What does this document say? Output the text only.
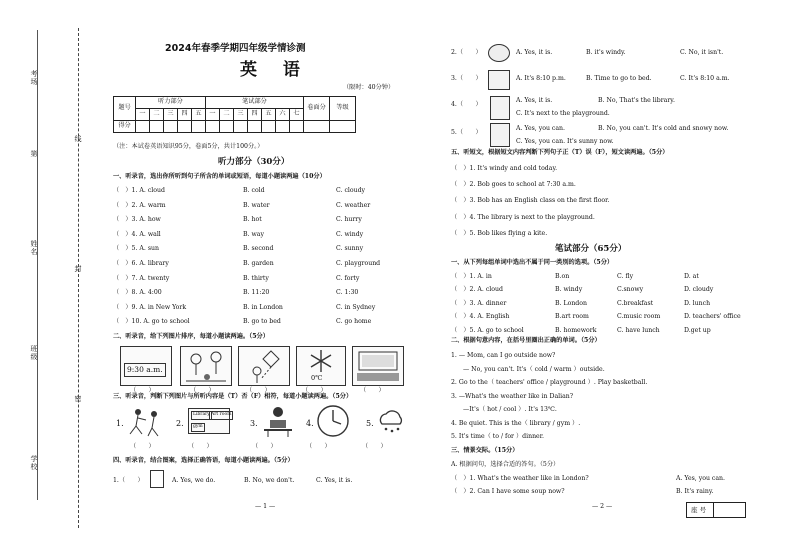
考场
第
线
姓名
封
班级
密
学校
2024年春季学期四年级学情诊测
英 语
（限时：40分钟）
题号	听力部分					笔试部分							卷面分	等级
	一	二	三	四	五	一	二	三	四	五	六	七		
得分														
（注：本试卷英语知识95分，卷面5分，共计100分。）
听力部分（30分）
一、听录音，选出你所听到句子所含的单词或短语，每道小题读两遍（10分）
（　）1. A. cloud	B. cold	C. cloudy
（　）2. A. warm	B. water	C. weather
（　）3. A. how	B. hot	C. hurry
（　）4. A. wall	B. way	C. windy
（　）5. A. sun	B. second	C. sunny
（　）6. A. library	B. garden	C. playground
（　）7. A. twenty	B. thirty	C. forty
（　）8. A. 4:00	B. 11:20	C. 1:30
（　）9. A. in New York	B. in London	C. in Sydney
（　）10. A. go to school	B. go to bed	C. go home
二、听录音，给下列图片排序，每道小题读两遍。（5分）
9:30 a.m.
0℃
（　　）	（　　）	（　　）	（　　）	（　　）
三、听录音，判断下列图片与所听内容是（T）否（F）相符，每道小题读两遍。（5分）
1.	2.
Library Art room
gym	3.	4.	5.
（　　）	（　　）	（　　）	（　　）	（　　）
四、听录音，结合图案，选择正确答语，每道小题读两遍。（5分）
1.（　　）	A. Yes, we do.	B. No, we don't.	C. Yes, it is.
— 1 —
2.（　　）	A. Yes, it is.	B. it's windy.	C. No, it isn't.
3.（　　）	A. It's 8:10 p.m.	B. Time to go to bed.	C. It's 8:10 a.m.
4.（　　）
A. Yes, it is.	B. No, That's the library.
C. It's next to the playground.
5.（　　）
A. Yes, you can.	B. No, you can't. It's cold and snowy now.
C. Yes, you can. It's sunny now.
五、听短文，根据短文内容判断下列句子正（T）误（F），短文读两遍。（5分）
（　）1. It's windy and cold today.
（　）2. Bob goes to school at 7:30 a.m.
（　）3. Bob has an English class on the first floor.
（　）4. The library is next to the playground.
（　）5. Bob likes flying a kite.
笔试部分（65分）
一、从下列每组单词中选出不属于同一类别的选项。（5分）
（　）1. A. in	B.on	C. fly	D. at
（　）2. A. cloud	B. windy	C.snowy	D. cloudy
（　）3. A. dinner	B. London	C.breakfast	D. lunch
（　）4. A. English	B.art room	C.music room	D. teachers' office
（　）5. A. go to school	B. homework	C. have lunch	D.get up
二、根据句意内容，在括号里圈出正确的单词。（5分）
1. — Mom, can I go outside now?
— No, you can't. It's（ cold / warm ）outside.
2. Go to the（ teachers' office / playground ）. Play basketball.
3. —What's the weather like in Dalian?
—It's（ hot / cool ）. It's 13℃.
4. Be quiet. This is the（ library / gym ）.
5. It's time（ to / for ）dinner.
三、情景交际。（15分）
A. 根据问句，选择合适的答句。（5分）
（　）1. What's the weather like in London?	A. Yes, you can.
（　）2. Can I have some soup now?	B. It's rainy.
— 2 —	座 号
